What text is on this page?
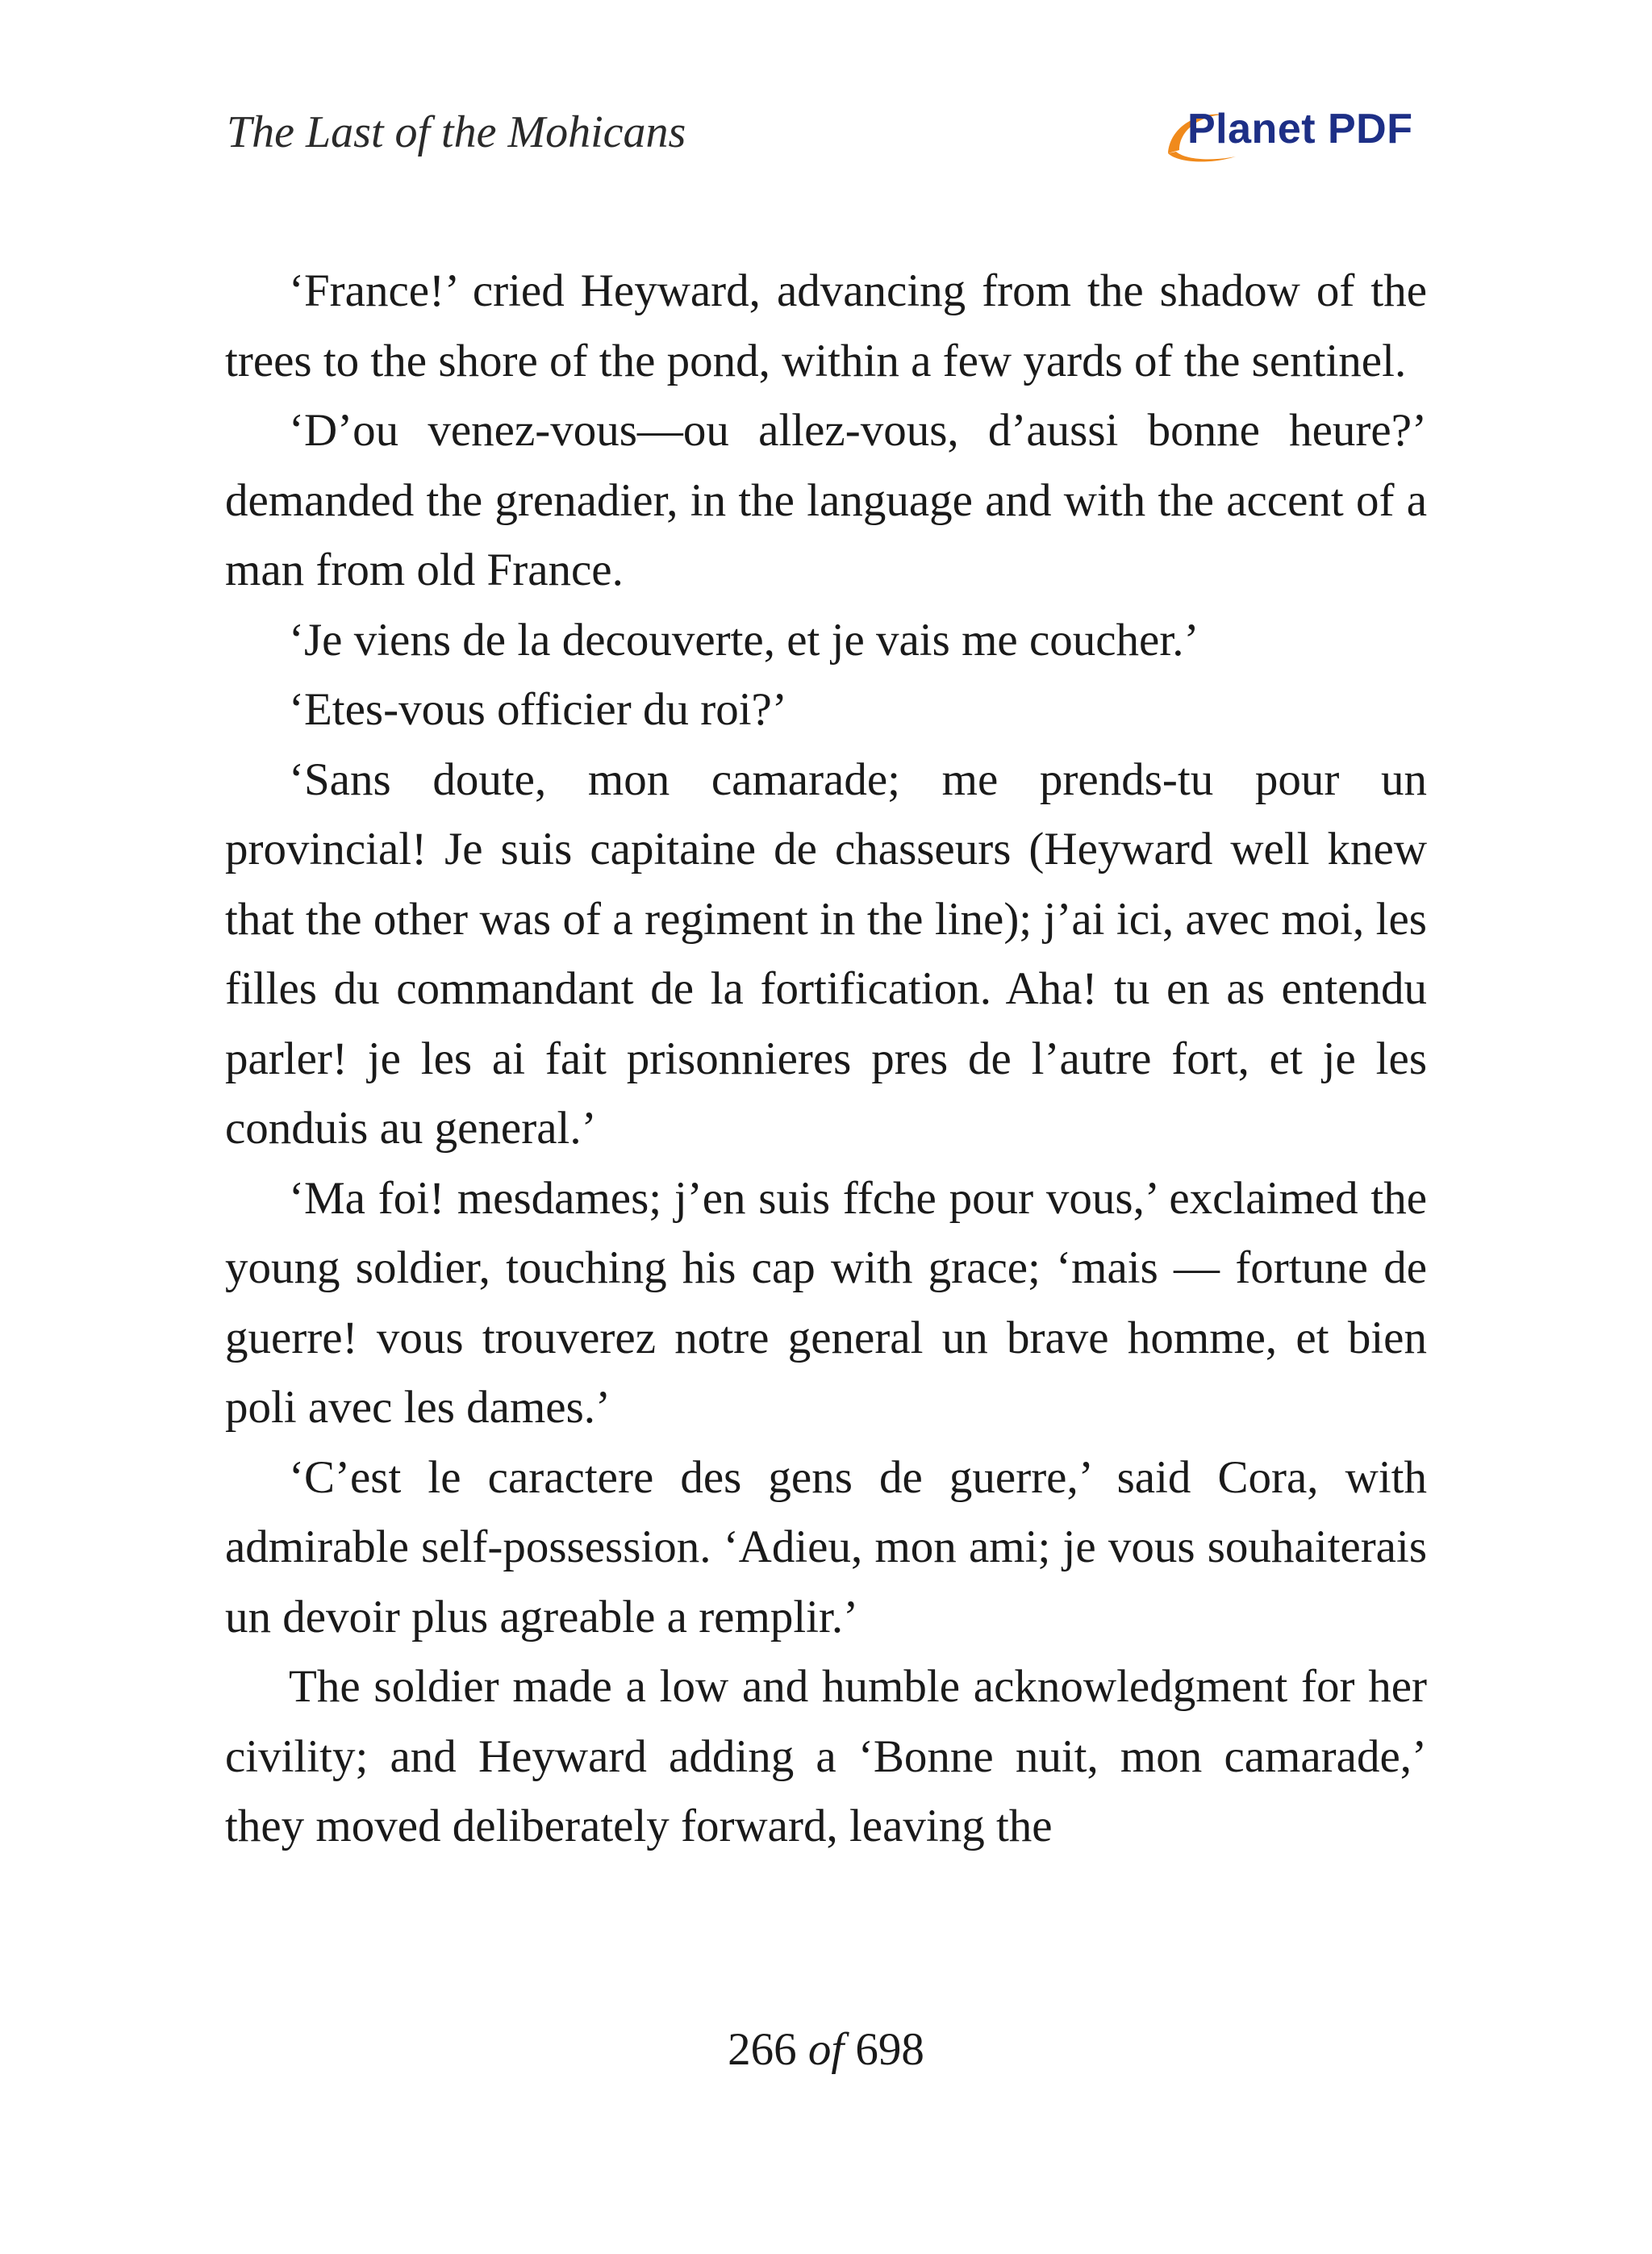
The Last of the Mohicans	Planet PDF

‘France!’ cried Heyward, advancing from the shadow of the trees to the shore of the pond, within a few yards of the sentinel.

‘D’ou venez-vous—ou allez-vous, d’aussi bonne heure?’ demanded the grenadier, in the language and with the accent of a man from old France.

‘Je viens de la decouverte, et je vais me coucher.’

‘Etes-vous officier du roi?’

‘Sans doute, mon camarade; me prends-tu pour un provincial! Je suis capitaine de chasseurs (Heyward well knew that the other was of a regiment in the line); j’ai ici, avec moi, les filles du commandant de la fortification. Aha! tu en as entendu parler! je les ai fait prisonnieres pres de l’autre fort, et je les conduis au general.’

‘Ma foi! mesdames; j’en suis ffche pour vous,’ exclaimed the young soldier, touching his cap with grace; ‘mais — fortune de guerre! vous trouverez notre general un brave homme, et bien poli avec les dames.’

‘C’est le caractere des gens de guerre,’ said Cora, with admirable self-possession. ‘Adieu, mon ami; je vous souhaiterais un devoir plus agreable a remplir.’

The soldier made a low and humble acknowledgment for her civility; and Heyward adding a ‘Bonne nuit, mon camarade,’ they moved deliberately forward, leaving the

266 of 698
